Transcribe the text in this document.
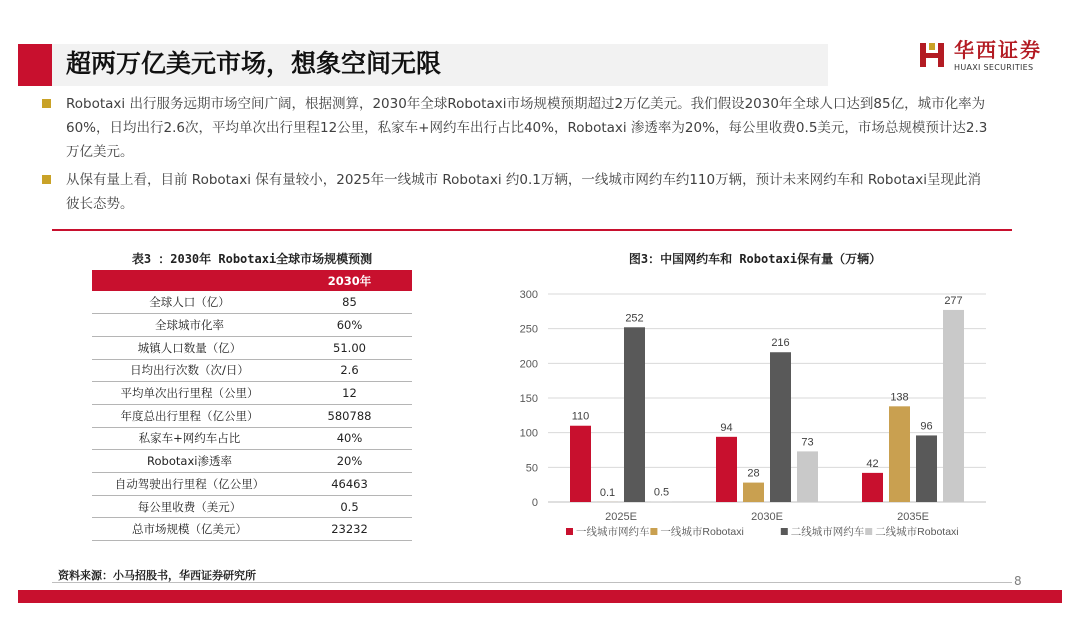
超两万亿美元市场，想象空间无限	华西证券
HUAXI SECURITIES
Robotaxi 出行服务远期市场空间广阔，根据测算，2030年全球Robotaxi市场规模预期超过2万亿美元。我们假设2030年全球人口达到85亿，城市化率为60%，日均出行2.6次，平均单次出行里程12公里，私家车+网约车出行占比40%，Robotaxi 渗透率为20%，每公里收费0.5美元，市场总规模预计达2.3万亿美元。
从保有量上看，目前 Robotaxi 保有量较小，2025年一线城市 Robotaxi 约0.1万辆，一线城市网约车约110万辆，预计未来网约车和 Robotaxi呈现此消彼长态势。
表3 ：2030年 Robotaxi全球市场规模预测
	2030年
全球人口（亿）	85
全球城市化率	60%
城镇人口数量（亿）	51.00
日均出行次数（次/日）	2.6
平均单次出行里程（公里）	12
年度总出行里程（亿公里）	580788
私家车+网约车占比	40%
Robotaxi渗透率	20%
自动驾驶出行里程（亿公里）	46463
每公里收费（美元）	0.5
总市场规模（亿美元）	23232
图3：中国网约车和 Robotaxi保有量（万辆）
0
50
100
150
200
250
300
110
0.1
252
0.5
2025E
94
28
216
73
2030E
42
138
96
277
2035E
一线城市网约车 一线城市Robotaxi	二线城市网约车 二线城市Robotaxi
资料来源：小马招股书，华西证券研究所	8
